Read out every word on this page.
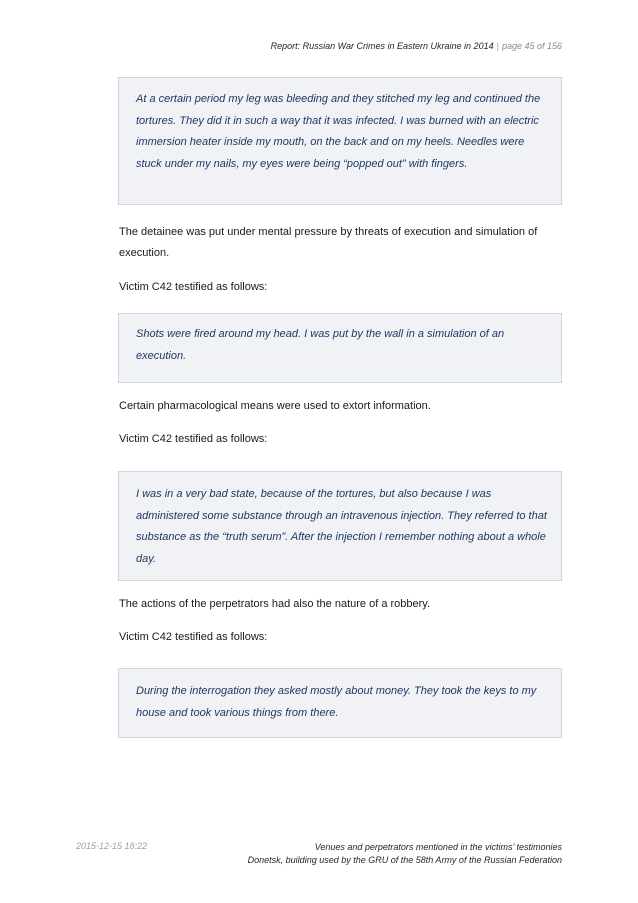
Report: Russian War Crimes in Eastern Ukraine in 2014 | page 45 of 156

At a certain period my leg was bleeding and they stitched my leg and continued the tortures. They did it in such a way that it was infected. I was burned with an electric immersion heater inside my mouth, on the back and on my heels. Needles were stuck under my nails, my eyes were being “popped out” with fingers.

The detainee was put under mental pressure by threats of execution and simulation of execution.

Victim C42 testified as follows:

Shots were fired around my head. I was put by the wall in a simulation of an execution.

Certain pharmacological means were used to extort information.

Victim C42 testified as follows:

I was in a very bad state, because of the tortures, but also because I was administered some substance through an intravenous injection. They referred to that substance as the “truth serum”. After the injection I remember nothing about a whole day.

The actions of the perpetrators had also the nature of a robbery.

Victim C42 testified as follows:

During the interrogation they asked mostly about money. They took the keys to my house and took various things from there.

2015-12-15 18:22	Venues and perpetrators mentioned in the victims’ testimonies
Donetsk, building used by the GRU of the 58th Army of the Russian Federation
